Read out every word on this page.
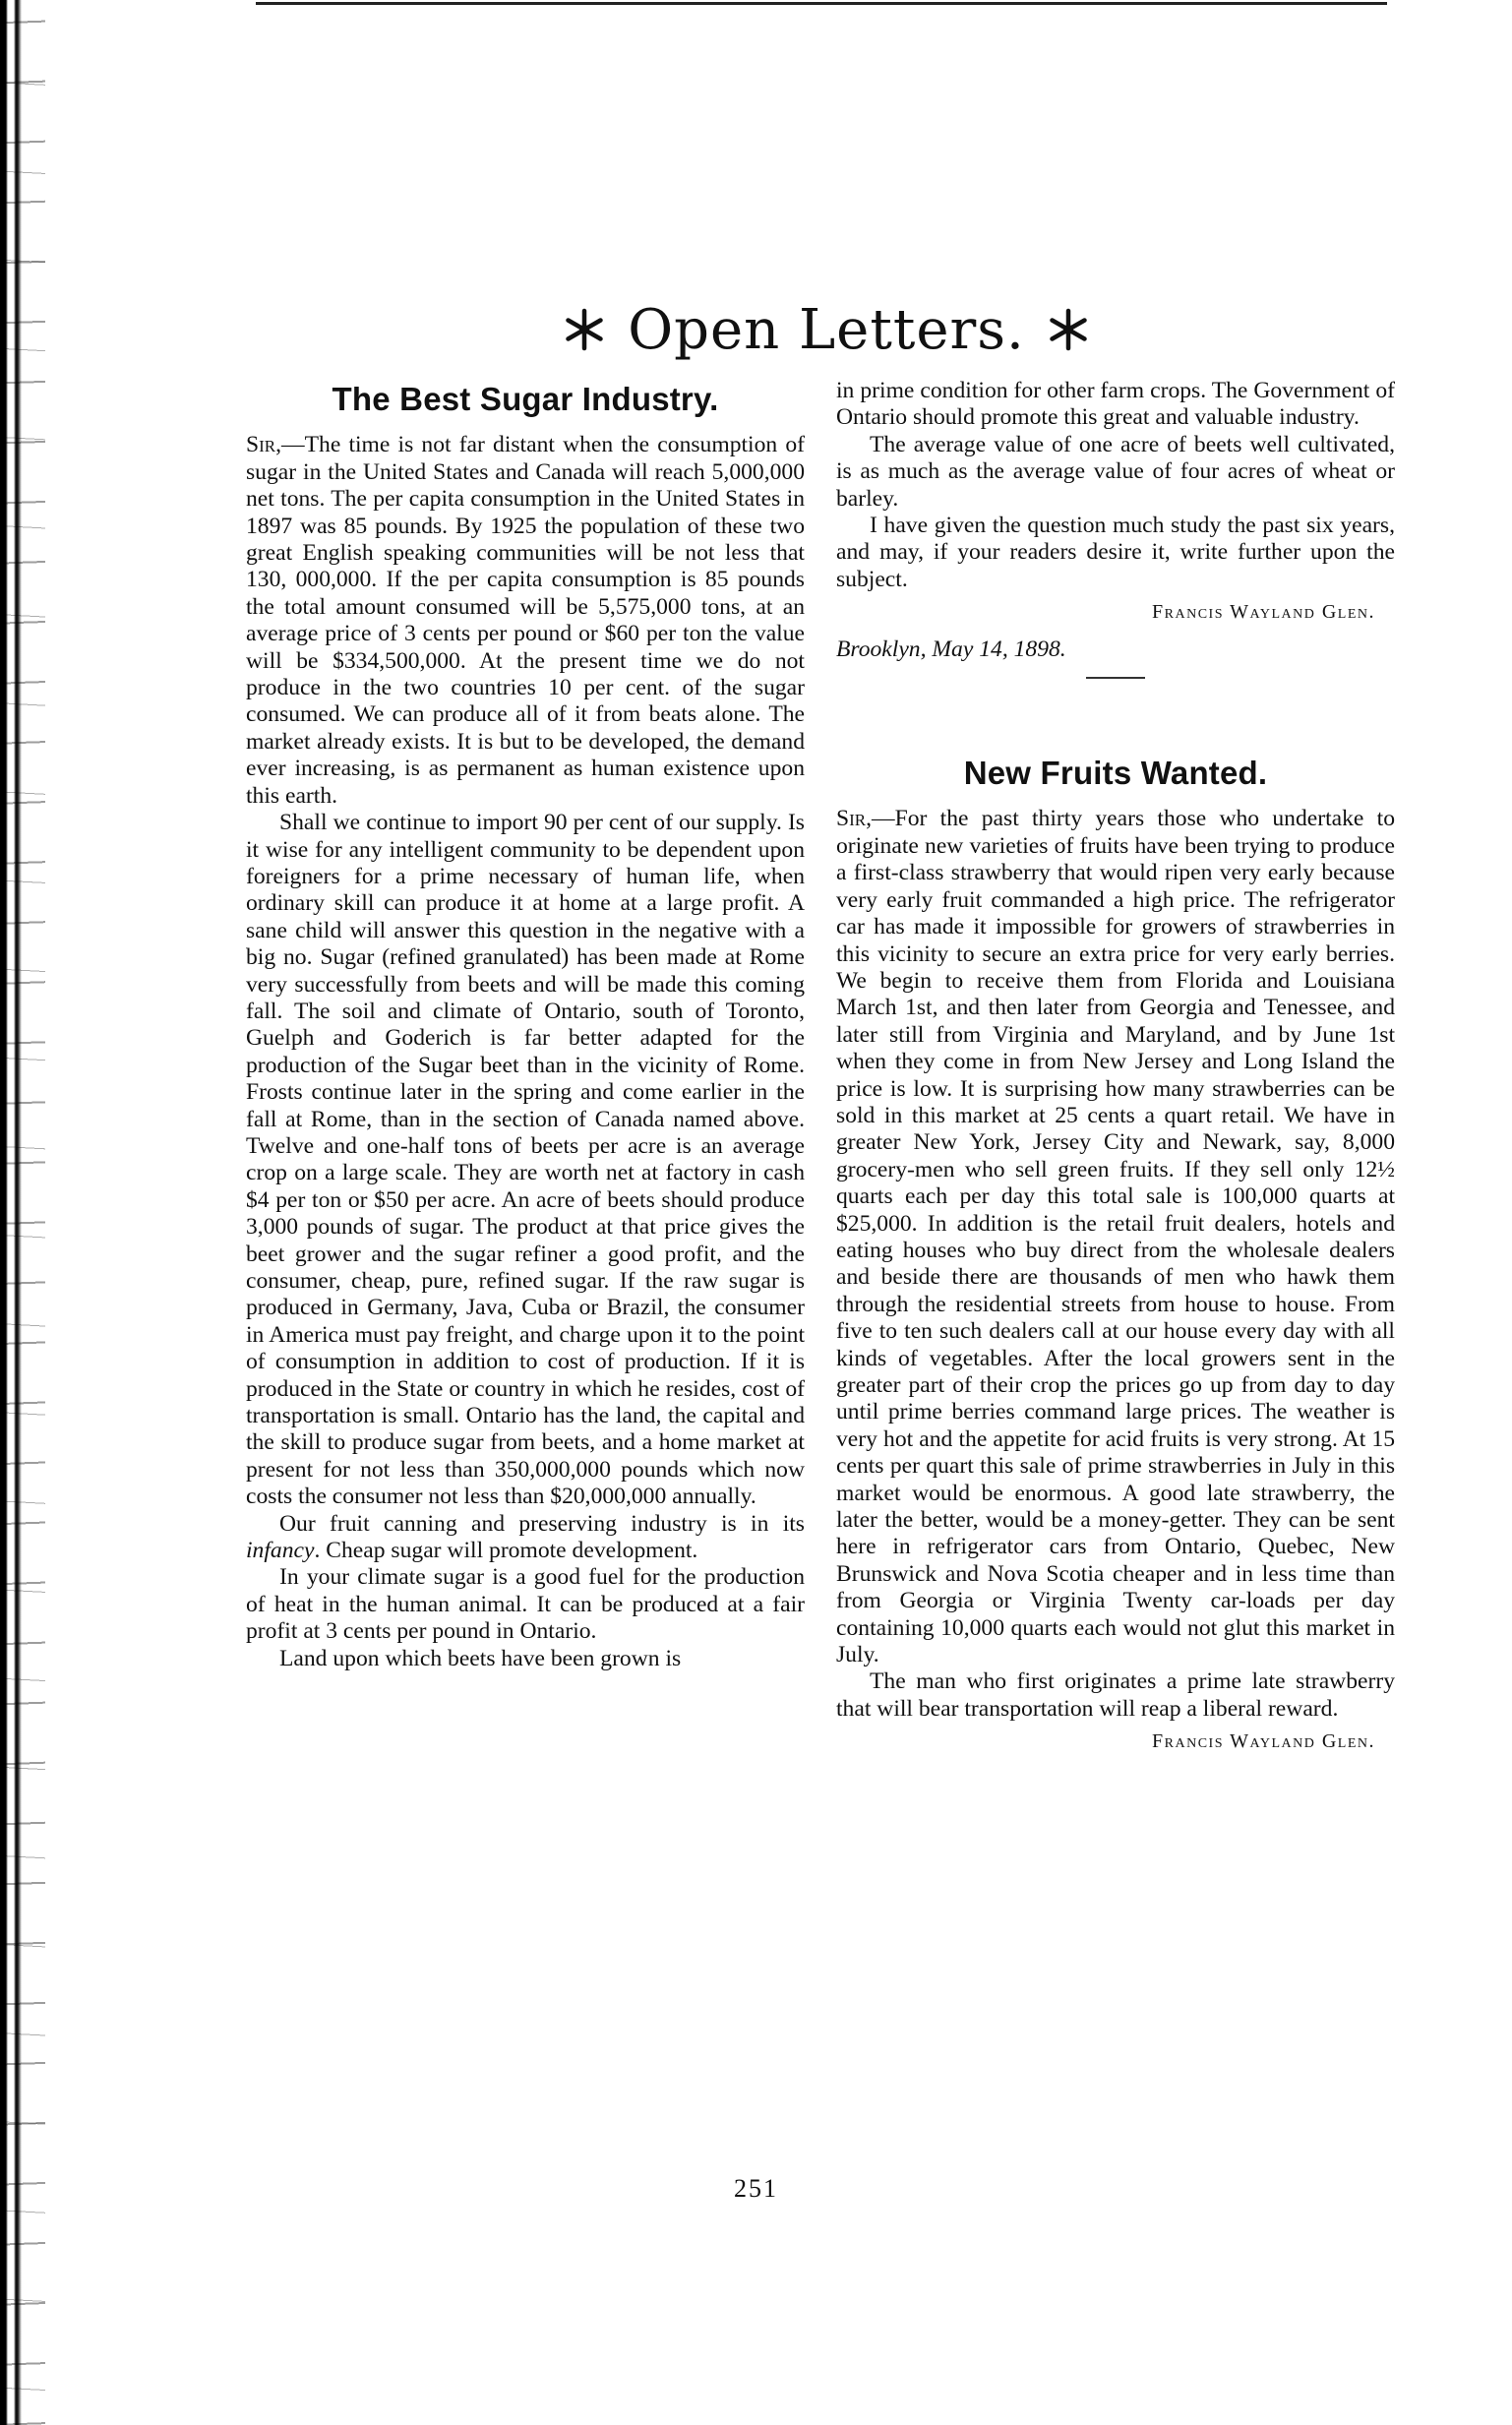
Open Letters.
The Best Sugar Industry.

Sir,—The time is not far distant when the consumption of sugar in the United States and Canada will reach 5,000,000 net tons. The per capita consumption in the United States in 1897 was 85 pounds. By 1925 the population of these two great English speaking communities will be not less that 130, 000,000. If the per capita consumption is 85 pounds the total amount consumed will be 5,575,000 tons, at an average price of 3 cents per pound or $60 per ton the value will be $334,500,000. At the present time we do not produce in the two countries 10 per cent. of the sugar consumed. We can produce all of it from beats alone. The market already exists. It is but to be developed, the demand ever increasing, is as permanent as human existence upon this earth.

Shall we continue to import 90 per cent of our supply. Is it wise for any intelligent community to be dependent upon foreigners for a prime necessary of human life, when ordinary skill can produce it at home at a large profit. A sane child will answer this question in the negative with a big no. Sugar (refined granulated) has been made at Rome very successfully from beets and will be made this coming fall. The soil and climate of Ontario, south of Toronto, Guelph and Goderich is far better adapted for the production of the Sugar beet than in the vicinity of Rome. Frosts continue later in the spring and come earlier in the fall at Rome, than in the section of Canada named above. Twelve and one-half tons of beets per acre is an average crop on a large scale. They are worth net at factory in cash $4 per ton or $50 per acre. An acre of beets should produce 3,000 pounds of sugar. The product at that price gives the beet grower and the sugar refiner a good profit, and the consumer, cheap, pure, refined sugar. If the raw sugar is produced in Germany, Java, Cuba or Brazil, the consumer in America must pay freight, and charge upon it to the point of consumption in addition to cost of production. If it is produced in the State or country in which he resides, cost of transportation is small. Ontario has the land, the capital and the skill to produce sugar from beets, and a home market at present for not less than 350,000,000 pounds which now costs the consumer not less than $20,000,000 annually.

Our fruit canning and preserving industry is in its infancy. Cheap sugar will promote development.

In your climate sugar is a good fuel for the production of heat in the human animal. It can be produced at a fair profit at 3 cents per pound in Ontario.

Land upon which beets have been grown is

in prime condition for other farm crops. The Government of Ontario should promote this great and valuable industry.

The average value of one acre of beets well cultivated, is as much as the average value of four acres of wheat or barley.

I have given the question much study the past six years, and may, if your readers desire it, write further upon the subject.

Francis Wayland Glen.

Brooklyn, May 14, 1898.

New Fruits Wanted.

Sir,—For the past thirty years those who undertake to originate new varieties of fruits have been trying to produce a first-class strawberry that would ripen very early because very early fruit commanded a high price. The refrigerator car has made it impossible for growers of strawberries in this vicinity to secure an extra price for very early berries. We begin to receive them from Florida and Louisiana March 1st, and then later from Georgia and Tenessee, and later still from Virginia and Maryland, and by June 1st when they come in from New Jersey and Long Island the price is low. It is surprising how many strawberries can be sold in this market at 25 cents a quart retail. We have in greater New York, Jersey City and Newark, say, 8,000 grocery-men who sell green fruits. If they sell only 12½ quarts each per day this total sale is 100,000 quarts at $25,000. In addition is the retail fruit dealers, hotels and eating houses who buy direct from the wholesale dealers and beside there are thousands of men who hawk them through the residential streets from house to house. From five to ten such dealers call at our house every day with all kinds of vegetables. After the local growers sent in the greater part of their crop the prices go up from day to day until prime berries command large prices. The weather is very hot and the appetite for acid fruits is very strong. At 15 cents per quart this sale of prime strawberries in July in this market would be enormous. A good late strawberry, the later the better, would be a money-getter. They can be sent here in refrigerator cars from Ontario, Quebec, New Brunswick and Nova Scotia cheaper and in less time than from Georgia or Virginia Twenty car-loads per day containing 10,000 quarts each would not glut this market in July.

The man who first originates a prime late strawberry that will bear transportation will reap a liberal reward.

Francis Wayland Glen.

251
